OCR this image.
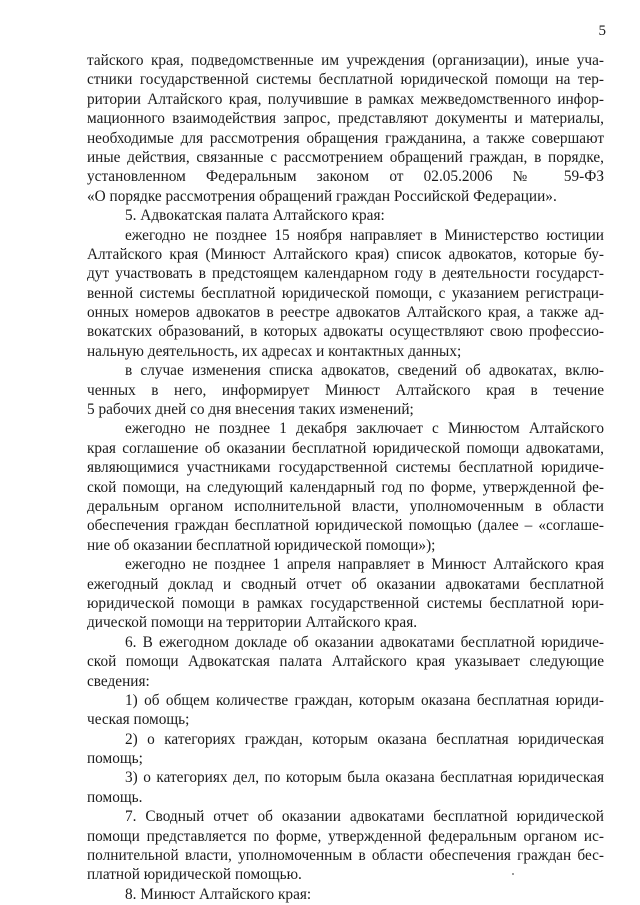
5
тайского края, подведомственные им учреждения (организации), иные уча-
стники государственной системы бесплатной юридической помощи на тер-
ритории Алтайского края, получившие в рамках межведомственного инфор-
мационного взаимодействия запрос, представляют документы и материалы,
необходимые для рассмотрения обращения гражданина, а также совершают
иные действия, связанные с рассмотрением обращений граждан, в порядке,
установленном Федеральным законом от 02.05.2006 № 59-ФЗ
«О порядке рассмотрения обращений граждан Российской Федерации».
5. Адвокатская палата Алтайского края:
ежегодно не позднее 15 ноября направляет в Министерство юстиции
Алтайского края (Минюст Алтайского края) список адвокатов, которые бу-
дут участвовать в предстоящем календарном году в деятельности государст-
венной системы бесплатной юридической помощи, с указанием регистраци-
онных номеров адвокатов в реестре адвокатов Алтайского края, а также ад-
вокатских образований, в которых адвокаты осуществляют свою профессио-
нальную деятельность, их адресах и контактных данных;
в случае изменения списка адвокатов, сведений об адвокатах, вклю-
ченных в него, информирует Минюст Алтайского края в течение
5 рабочих дней со дня внесения таких изменений;
ежегодно не позднее 1 декабря заключает с Минюстом Алтайского
края соглашение об оказании бесплатной юридической помощи адвокатами,
являющимися участниками государственной системы бесплатной юридиче-
ской помощи, на следующий календарный год по форме, утвержденной фе-
деральным органом исполнительной власти, уполномоченным в области
обеспечения граждан бесплатной юридической помощью (далее – «соглаше-
ние об оказании бесплатной юридической помощи»);
ежегодно не позднее 1 апреля направляет в Минюст Алтайского края
ежегодный доклад и сводный отчет об оказании адвокатами бесплатной
юридической помощи в рамках государственной системы бесплатной юри-
дической помощи на территории Алтайского края.
6. В ежегодном докладе об оказании адвокатами бесплатной юридиче-
ской помощи Адвокатская палата Алтайского края указывает следующие
сведения:
1) об общем количестве граждан, которым оказана бесплатная юриди-
ческая помощь;
2) о категориях граждан, которым оказана бесплатная юридическая
помощь;
3) о категориях дел, по которым была оказана бесплатная юридическая
помощь.
7. Сводный отчет об оказании адвокатами бесплатной юридической
помощи представляется по форме, утвержденной федеральным органом ис-
полнительной власти, уполномоченным в области обеспечения граждан бес-
платной юридической помощью.
8. Минюст Алтайского края:
